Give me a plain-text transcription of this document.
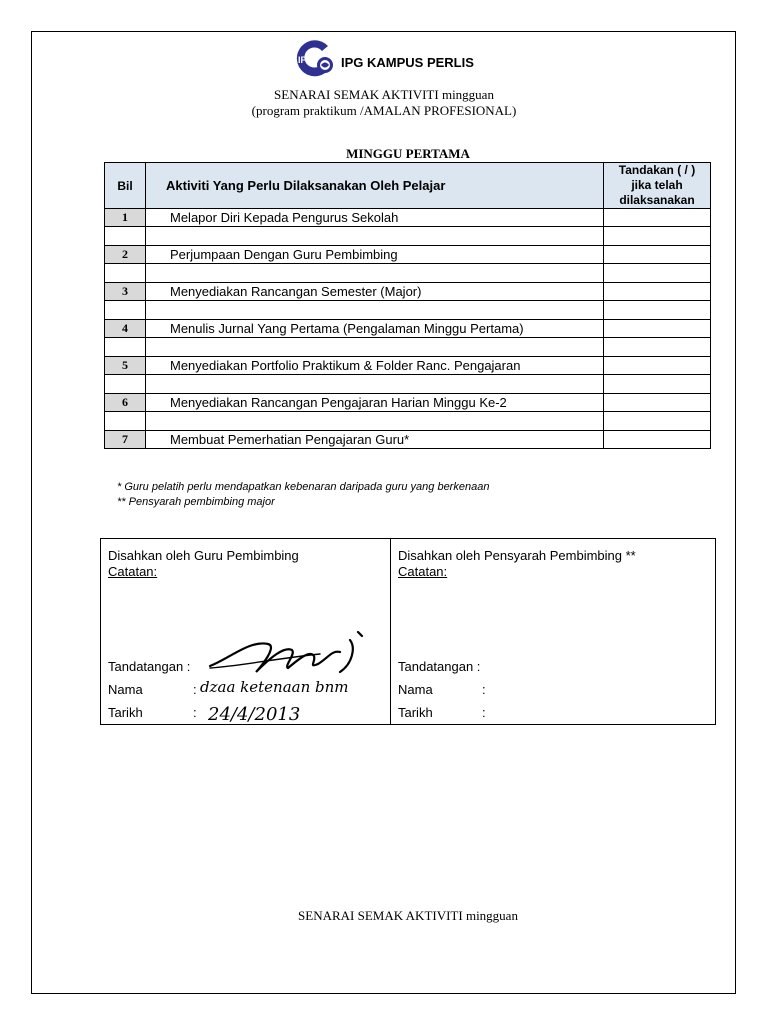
IPG IPG KAMPUS PERLIS
SENARAI SEMAK AKTIVITI mingguan
(program praktikum /AMALAN PROFESIONAL)
MINGGU PERTAMA
Bil	Aktiviti Yang Perlu Dilaksanakan Oleh Pelajar	Tandakan ( / )
jika telah
dilaksanakan
1	Melapor Diri Kepada Pengurus Sekolah	

2	Perjumpaan Dengan Guru Pembimbing	

3	Menyediakan Rancangan Semester (Major)	

4	Menulis Jurnal Yang Pertama (Pengalaman Minggu Pertama)	

5	Menyediakan Portfolio Praktikum & Folder Ranc. Pengajaran	

6	Menyediakan Rancangan Pengajaran Harian Minggu Ke-2	

7	Membuat Pemerhatian Pengajaran Guru*	
* Guru pelatih perlu mendapatkan kebenaran daripada guru yang berkenaan
** Pensyarah pembimbing major
Disahkan oleh Guru Pembimbing
Catatan:
Tandatangan :
Nama	:
Tarikh	:
Disahkan oleh Pensyarah Pembimbing **
Catatan:
Tandatangan :
Nama	:
Tarikh	:
dzaa ketenaan bnm
24/4/2013
SENARAI SEMAK AKTIVITI mingguan
